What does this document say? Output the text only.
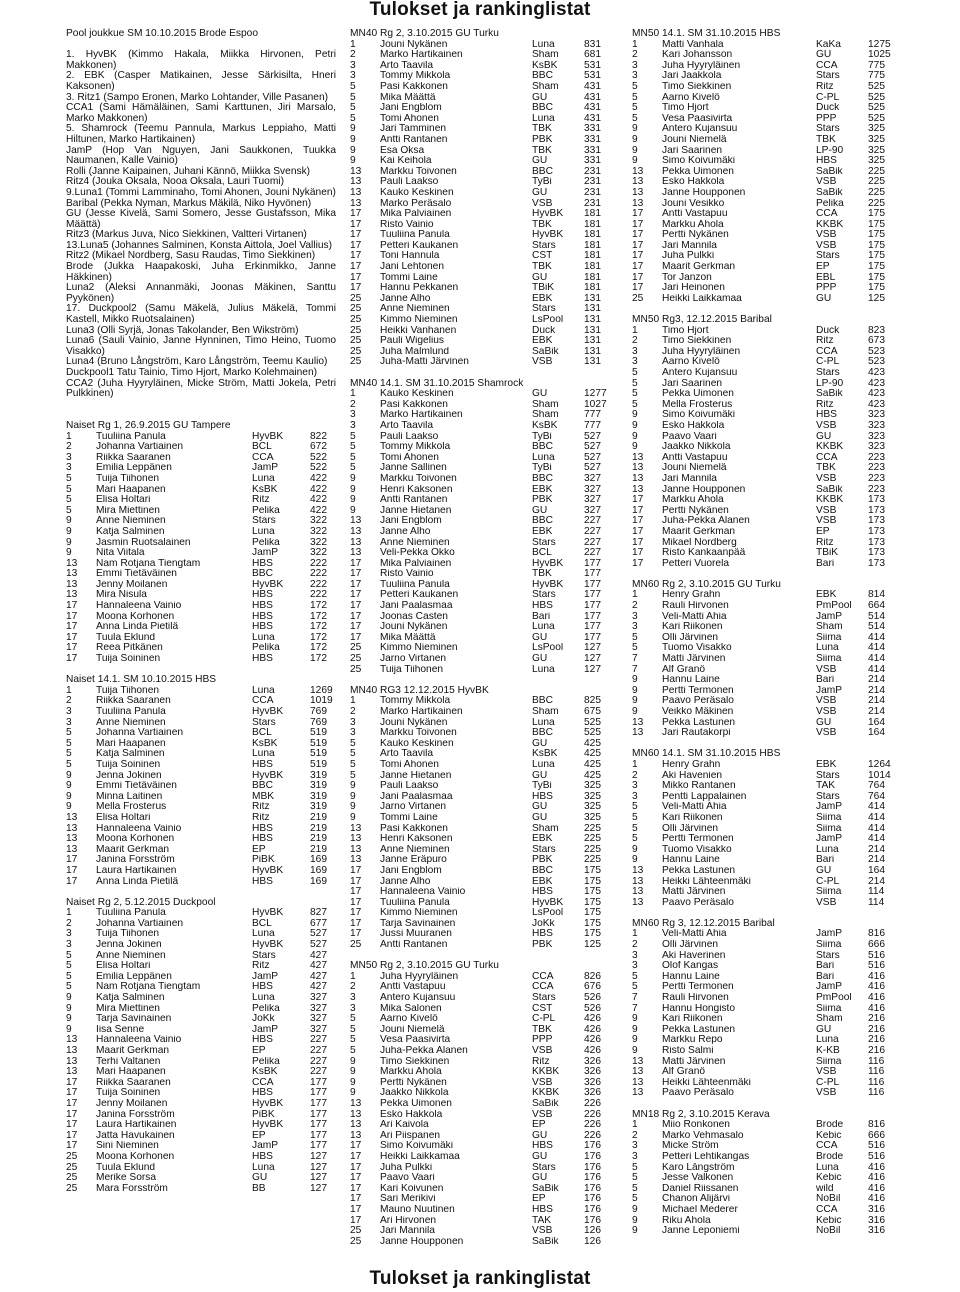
Tulokset ja rankinglistat
Pool joukkue SM 10.10.2015 Brode Espoo

1. HyvBK (Kimmo Hakala, Miikka Hirvonen, Petri Makkonen)

2. EBK (Casper Matikainen, Jesse Särkisilta, Hneri Kaksonen)

3. Ritz1 (Sampo Eronen, Marko Lohtander, Ville Pasanen)

CCA1 (Sami Hämäläinen, Sami Karttunen, Jiri Marsalo, Marko Makkonen)

5. Shamrock (Teemu Pannula, Markus Leppiaho, Matti Hiltunen, Marko Hartikainen)

JamP (Hop Van Nguyen, Jani Saukkonen, Tuukka Naumanen, Kalle Vainio)

Rolli (Janne Kaipainen, Juhani Kännö, Miikka Svensk)

Ritz4 (Jouka Oksala, Nooa Oksala, Lauri Tuomi)

9.Luna1 (Tommi Lamminaho, Tomi Ahonen, Jouni Nykänen)

Baribal (Pekka Nyman, Markus Mäkilä, Niko Hyvönen)

GU (Jesse Kivelä, Sami Somero, Jesse Gustafsson, Mika Määttä)

Ritz3 (Markus Juva, Nico Siekkinen, Valtteri Virtanen)

13.Luna5 (Johannes Salminen, Konsta Aittola, Joel Vallius)

Ritz2 (Mikael Nordberg, Sasu Raudas, Timo Siekkinen)

Brode (Jukka Haapakoski, Juha Erkinmikko, Janne Häkkinen)

Luna2 (Aleksi Annanmäki, Joonas Mäkinen, Santtu Pyykönen)

17. Duckpool2 (Samu Mäkelä, Julius Mäkelä, Tommi Kastell, Mikko Ruotsalainen)

Luna3 (Olli Syrjä, Jonas Takolander, Ben Wikström)

Luna6 (Sauli Vainio, Janne Hynninen, Timo Heino, Tuomo Visakko)

Luna4 (Bruno Långström, Karo Långström, Teemu Kaulio)

Duckpool1 Tatu Tainio, Timo Hjort, Marko Kolehmainen)

CCA2 (Juha Hyyryläinen, Micke Ström, Matti Jokela, Petri Pulkkinen)

Naiset Rg 1, 26.9.2015 GU Tampere
1	Tuuliina Panula	HyvBK	822
2	Johanna Vartiainen	BCL	672
3	Riikka Saaranen	CCA	522
3	Emilia Leppänen	JamP	522
5	Tuija Tiihonen	Luna	422
5	Mari Haapanen	KsBK	422
5	Elisa Holtari	Ritz	422
5	Mira Miettinen	Pelika	422
9	Anne Nieminen	Stars	322
9	Katja Salminen	Luna	322
9	Jasmin Ruotsalainen	Pelika	322
9	Nita Viitala	JamP	322
13	Nam Rotjana Tiengtam	HBS	222
13	Emmi Tietäväinen	BBC	222
13	Jenny Moilanen	HyvBK	222
13	Mira Nisula	HBS	222
17	Hannaleena Vainio	HBS	172
17	Moona Korhonen	HBS	172
17	Anna Linda Pietilä	HBS	172
17	Tuula Eklund	Luna	172
17	Reea Pitkänen	Pelika	172
17	Tuija Soininen	HBS	172
Naiset 14.1. SM 10.10.2015 HBS
1	Tuija Tiihonen	Luna	1269
2	Riikka Saaranen	CCA	1019
3	Tuuliina Panula	HyvBK	769
3	Anne Nieminen	Stars	769
5	Johanna Vartiainen	BCL	519
5	Mari Haapanen	KsBK	519
5	Katja Salminen	Luna	519
5	Tuija Soininen	HBS	519
9	Jenna Jokinen	HyvBK	319
9	Emmi Tietäväinen	BBC	319
9	Minna Laitinen	MBK	319
9	Mella Frosterus	Ritz	319
13	Elisa Holtari	Ritz	219
13	Hannaleena Vainio	HBS	219
13	Moona Korhonen	HBS	219
13	Maarit Gerkman	EP	219
17	Janina Forsström	PiBK	169
17	Laura Hartikainen	HyvBK	169
17	Anna Linda Pietilä	HBS	169
Naiset Rg 2, 5.12.2015 Duckpool
1	Tuuliina Panula	HyvBK	827
2	Johanna Vartiainen	BCL	677
3	Tuija Tiihonen	Luna	527
3	Jenna Jokinen	HyvBK	527
5	Anne Nieminen	Stars	427
5	Elisa Holtari	Ritz	427
5	Emilia Leppänen	JamP	427
5	Nam Rotjana Tiengtam	HBS	427
9	Katja Salminen	Luna	327
9	Mira Miettinen	Pelika	327
9	Tarja Savinainen	JoKk	327
9	Iisa Senne	JamP	327
13	Hannaleena Vainio	HBS	227
13	Maarit Gerkman	EP	227
13	Terhi Valtanen	Pelika	227
13	Mari Haapanen	KsBK	227
17	Riikka Saaranen	CCA	177
17	Tuija Soininen	HBS	177
17	Jenny Moilanen	HyvBK	177
17	Janina Forsström	PiBK	177
17	Laura Hartikainen	HyvBK	177
17	Jatta Havukainen	EP	177
17	Sini Nieminen	JamP	177
25	Moona Korhonen	HBS	127
25	Tuula Eklund	Luna	127
25	Merike Sorsa	GU	127
25	Mara Forsström	BB	127
MN40 Rg 2, 3.10.2015 GU Turku
1	Jouni Nykänen	Luna	831
2	Marko Hartikainen	Sham	681
3	Arto Taavila	KsBK	531
3	Tommy Mikkola	BBC	531
5	Pasi Kakkonen	Sham	431
5	Mika Määttä	GU	431
5	Jani Engblom	BBC	431
5	Tomi Ahonen	Luna	431
9	Jari Tamminen	TBK	331
9	Antti Rantanen	PBK	331
9	Esa Oksa	TBK	331
9	Kai Keihola	GU	331
13	Markku Toivonen	BBC	231
13	Pauli Laakso	TyBi	231
13	Kauko Keskinen	GU	231
13	Marko Peräsalo	VSB	231
17	Mika Palviainen	HyvBK	181
17	Risto Vainio	TBK	181
17	Tuuliina Panula	HyvBK	181
17	Petteri Kaukanen	Stars	181
17	Toni Hannula	CST	181
17	Jani Lehtonen	TBK	181
17	Tommi Laine	GU	181
17	Hannu Pekkanen	TBiK	181
25	Janne Alho	EBK	131
25	Anne Nieminen	Stars	131
25	Kimmo Nieminen	LsPool	131
25	Heikki Vanhanen	Duck	131
25	Pauli Wigelius	EBK	131
25	Juha Malmlund	SaBik	131
25	Juha-Matti Järvinen	VSB	131
MN40 14.1. SM 31.10.2015 Shamrock
1	Kauko Keskinen	GU	1277
2	Pasi Kakkonen	Sham	1027
3	Marko Hartikainen	Sham	777
3	Arto Taavila	KsBK	777
5	Pauli Laakso	TyBi	527
5	Tommy Mikkola	BBC	527
5	Tomi Ahonen	Luna	527
5	Janne Sallinen	TyBi	527
9	Markku Toivonen	BBC	327
9	Henri Kaksonen	EBK	327
9	Antti Rantanen	PBK	327
9	Janne Hietanen	GU	327
13	Jani Engblom	BBC	227
13	Janne Alho	EBK	227
13	Anne Nieminen	Stars	227
13	Veli-Pekka Okko	BCL	227
17	Mika Palviainen	HyvBK	177
17	Risto Vainio	TBK	177
17	Tuuliina Panula	HyvBK	177
17	Petteri Kaukanen	Stars	177
17	Jani Paalasmaa	HBS	177
17	Joonas Casten	Bari	177
17	Jouni Nykänen	Luna	177
17	Mika Määttä	GU	177
25	Kimmo Nieminen	LsPool	127
25	Jarno Virtanen	GU	127
25	Tuija Tiihonen	Luna	127
MN40 RG3 12.12.2015 HyvBK
1	Tommy Mikkola	BBC	825
2	Marko Hartikainen	Sham	675
3	Jouni Nykänen	Luna	525
3	Markku Toivonen	BBC	525
5	Kauko Keskinen	GU	425
5	Arto Taavila	KsBK	425
5	Tomi Ahonen	Luna	425
5	Janne Hietanen	GU	425
9	Pauli Laakso	TyBi	325
9	Jani Paalasmaa	HBS	325
9	Jarno Virtanen	GU	325
9	Tommi Laine	GU	325
13	Pasi Kakkonen	Sham	225
13	Henri Kaksonen	EBK	225
13	Anne Nieminen	Stars	225
13	Janne Eräpuro	PBK	225
17	Jani Engblom	BBC	175
17	Janne Alho	EBK	175
17	Hannaleena Vainio	HBS	175
17	Tuuliina Panula	HyvBK	175
17	Kimmo Nieminen	LsPool	175
17	Tarja Savinainen	JoKk	175
17	Jussi Muuranen	HBS	175
25	Antti Rantanen	PBK	125
MN50 Rg 2, 3.10.2015 GU Turku
1	Juha Hyyryläinen	CCA	826
2	Antti Vastapuu	CCA	676
3	Antero Kujansuu	Stars	526
3	Mika Salonen	CST	526
5	Aarno Kivelö	C-PL	426
5	Jouni Niemelä	TBK	426
5	Vesa Paasivirta	PPP	426
5	Juha-Pekka Alanen	VSB	426
9	Timo Siekkinen	Ritz	326
9	Markku Ahola	KKBK	326
9	Pertti Nykänen	VSB	326
9	Jaakko Nikkola	KKBK	326
13	Pekka Uimonen	SaBik	226
13	Esko Hakkola	VSB	226
13	Ari Kaivola	EP	226
13	Ari Piispanen	GU	226
17	Simo Koivumäki	HBS	176
17	Heikki Laikkamaa	GU	176
17	Juha Pulkki	Stars	176
17	Paavo Vaari	GU	176
17	Kari Koivunen	SaBik	176
17	Sari Merikivi	EP	176
17	Mauno Nuutinen	HBS	176
17	Ari Hirvonen	TAK	176
25	Jari Mannila	VSB	126
25	Janne Houpponen	SaBik	126
MN50 14.1. SM 31.10.2015 HBS
1	Matti Vanhala	KaKa	1275
2	Kari Johansson	GU	1025
3	Juha Hyyryläinen	CCA	775
3	Jari Jaakkola	Stars	775
5	Timo Siekkinen	Ritz	525
5	Aarno Kivelö	C-PL	525
5	Timo Hjort	Duck	525
5	Vesa Paasivirta	PPP	525
9	Antero Kujansuu	Stars	325
9	Jouni Niemelä	TBK	325
9	Jari Saarinen	LP-90	325
9	Simo Koivumäki	HBS	325
13	Pekka Uimonen	SaBik	225
13	Esko Hakkola	VSB	225
13	Janne Houpponen	SaBik	225
13	Jouni Vesikko	Pelika	225
17	Antti Vastapuu	CCA	175
17	Markku Ahola	KKBK	175
17	Pertti Nykänen	VSB	175
17	Jari Mannila	VSB	175
17	Juha Pulkki	Stars	175
17	Maarit Gerkman	EP	175
17	Tor Janzon	EBL	175
17	Jari Heinonen	PPP	175
25	Heikki Laikkamaa	GU	125
MN50 Rg3, 12.12.2015 Baribal
1	Timo Hjort	Duck	823
2	Timo Siekkinen	Ritz	673
3	Juha Hyyryläinen	CCA	523
3	Aarno Kivelö	C-PL	523
5	Antero Kujansuu	Stars	423
5	Jari Saarinen	LP-90	423
5	Pekka Uimonen	SaBik	423
5	Mella Frosterus	Ritz	423
9	Simo Koivumäki	HBS	323
9	Esko Hakkola	VSB	323
9	Paavo Vaari	GU	323
9	Jaakko Nikkola	KKBK	323
13	Antti Vastapuu	CCA	223
13	Jouni Niemelä	TBK	223
13	Jari Mannila	VSB	223
13	Janne Houpponen	SaBik	223
17	Markku Ahola	KKBK	173
17	Pertti Nykänen	VSB	173
17	Juha-Pekka Alanen	VSB	173
17	Maarit Gerkman	EP	173
17	Mikael Nordberg	Ritz	173
17	Risto Kankaanpää	TBiK	173
17	Petteri Vuorela	Bari	173
MN60 Rg 2, 3.10.2015 GU Turku
1	Henry Grahn	EBK	814
2	Rauli Hirvonen	PmPool	664
3	Veli-Matti Ahia	JamP	514
3	Kari Riikonen	Sham	514
5	Olli Järvinen	Siima	414
5	Tuomo Visakko	Luna	414
7	Matti Järvinen	Siima	414
7	Alf Granö	VSB	414
9	Hannu Laine	Bari	214
9	Pertti Termonen	JamP	214
9	Paavo Peräsalo	VSB	214
9	Veikko Mäkinen	VSB	214
13	Pekka Lastunen	GU	164
13	Jari Rautakorpi	VSB	164
MN60 14.1. SM 31.10.2015 HBS
1	Henry Grahn	EBK	1264
2	Aki Havenien	Stars	1014
3	Mikko Rantanen	TAK	764
3	Pentti Lappalainen	Stars	764
5	Veli-Matti Ahia	JamP	414
5	Kari Riikonen	Siima	414
5	Olli Järvinen	Siima	414
5	Pertti Termonen	JamP	414
9	Tuomo Visakko	Luna	214
9	Hannu Laine	Bari	214
13	Pekka Lastunen	GU	164
13	Heikki Lähteenmäki	C-PL	214
13	Matti Järvinen	Siima	114
13	Paavo Peräsalo	VSB	114
MN60 Rg 3, 12.12.2015 Baribal
1	Veli-Matti Ahia	JamP	816
2	Olli Järvinen	Siima	666
3	Aki Haverinen	Stars	516
3	Olof Kangas	Bari	516
5	Hannu Laine	Bari	416
5	Pertti Termonen	JamP	416
7	Rauli Hirvonen	PmPool	416
7	Hannu Hongisto	Siima	416
9	Kari Riikonen	Sham	216
9	Pekka Lastunen	GU	216
9	Markku Repo	Luna	216
9	Risto Salmi	K-KB	216
13	Matti Järvinen	Siima	116
13	Alf Granö	VSB	116
13	Heikki Lähteenmäki	C-PL	116
13	Paavo Peräsalo	VSB	116
MN18 Rg 2, 3.10.2015 Kerava
1	Miio Ronkonen	Brode	816
2	Marko Vehmasalo	Kebic	666
3	Micke Ström	CCA	516
3	Petteri Lehtikangas	Brode	516
5	Karo Långström	Luna	416
5	Jesse Valkonen	Kebic	416
5	Daniel Riissanen	wild	416
5	Chanon Alijärvi	NoBil	416
9	Michael Mederer	CCA	316
9	Riku Ahola	Kebic	316
9	Janne Leponiemi	NoBil	316
Tulokset ja rankinglistat
